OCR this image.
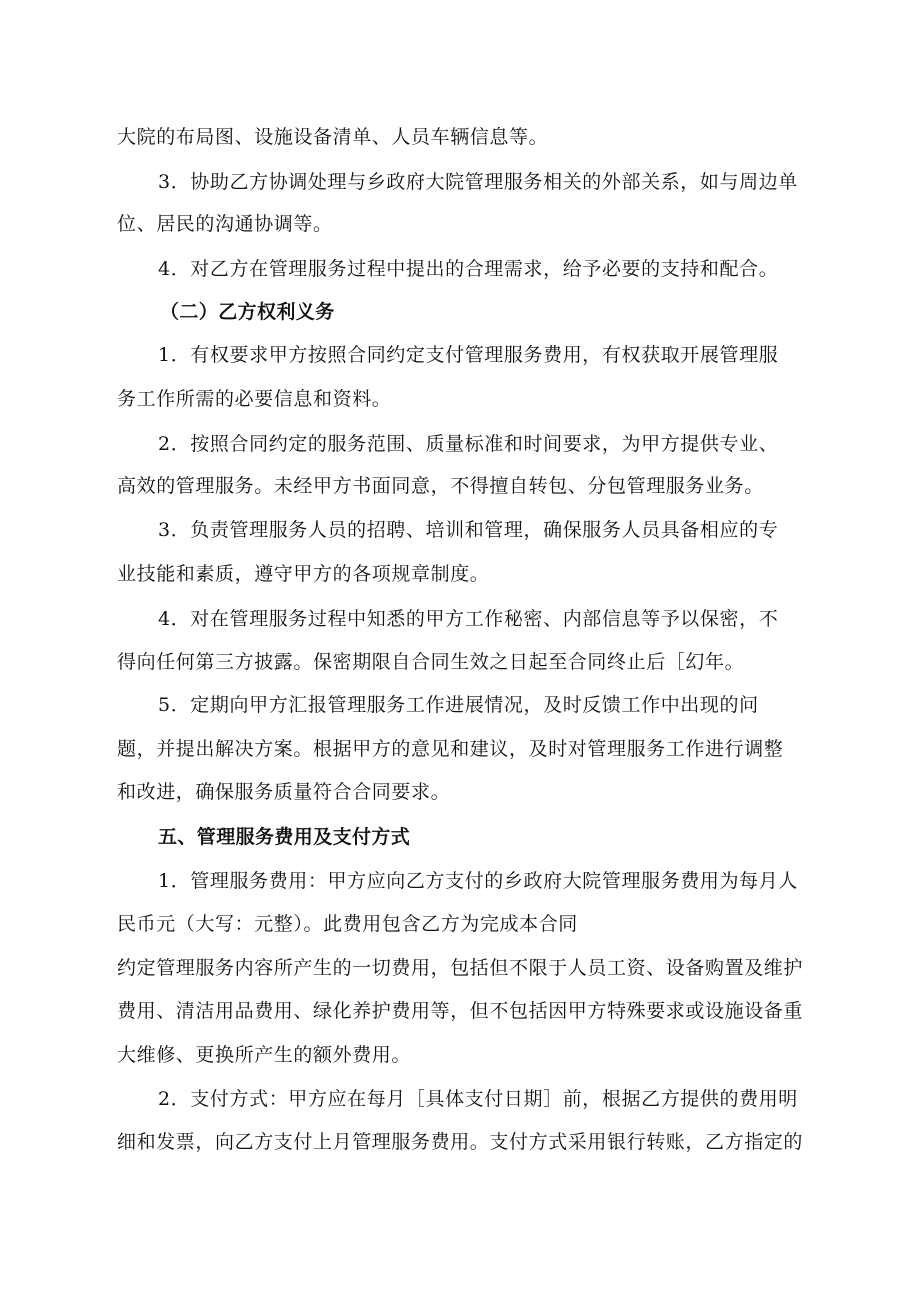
大院的布局图、设施设备清单、人员车辆信息等。
3．协助乙方协调处理与乡政府大院管理服务相关的外部关系，如与周边单
位、居民的沟通协调等。
4．对乙方在管理服务过程中提出的合理需求，给予必要的支持和配合。
（二）乙方权利义务
1．有权要求甲方按照合同约定支付管理服务费用，有权获取开展管理服
务工作所需的必要信息和资料。
2．按照合同约定的服务范围、质量标准和时间要求，为甲方提供专业、
高效的管理服务。未经甲方书面同意，不得擅自转包、分包管理服务业务。
3．负责管理服务人员的招聘、培训和管理，确保服务人员具备相应的专
业技能和素质，遵守甲方的各项规章制度。
4．对在管理服务过程中知悉的甲方工作秘密、内部信息等予以保密，不
得向任何第三方披露。保密期限自合同生效之日起至合同终止后［幻年。
5．定期向甲方汇报管理服务工作进展情况，及时反馈工作中出现的问
题，并提出解决方案。根据甲方的意见和建议，及时对管理服务工作进行调整
和改进，确保服务质量符合合同要求。
五、管理服务费用及支付方式
1．管理服务费用：甲方应向乙方支付的乡政府大院管理服务费用为每月人
民币元（大写：元整）。此费用包含乙方为完成本合同
约定管理服务内容所产生的一切费用，包括但不限于人员工资、设备购置及维护
费用、清洁用品费用、绿化养护费用等，但不包括因甲方特殊要求或设施设备重
大维修、更换所产生的额外费用。
2．支付方式：甲方应在每月［具体支付日期］前，根据乙方提供的费用明
细和发票，向乙方支付上月管理服务费用。支付方式采用银行转账，乙方指定的
